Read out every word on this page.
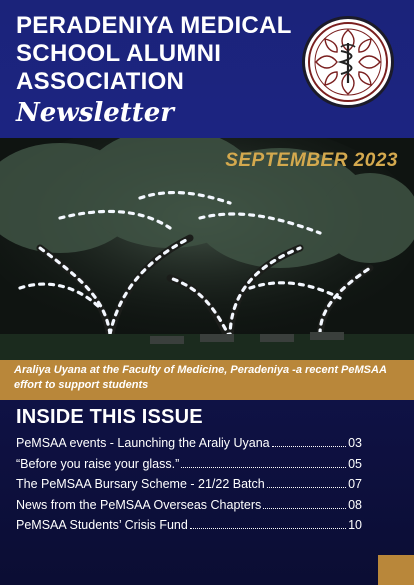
PERADENIYA MEDICAL SCHOOL ALUMNI ASSOCIATION
Newsletter
SEPTEMBER 2023
Araliya Uyana at the Faculty of Medicine, Peradeniya -a recent PeMSAA effort to support students
INSIDE THIS ISSUE
PeMSAA events - Launching the Araliy Uyana	03
“Before you raise your glass.”	05
The PeMSAA Bursary Scheme - 21/22 Batch	07
News from the PeMSAA Overseas Chapters	08
PeMSAA Students’ Crisis Fund	10
